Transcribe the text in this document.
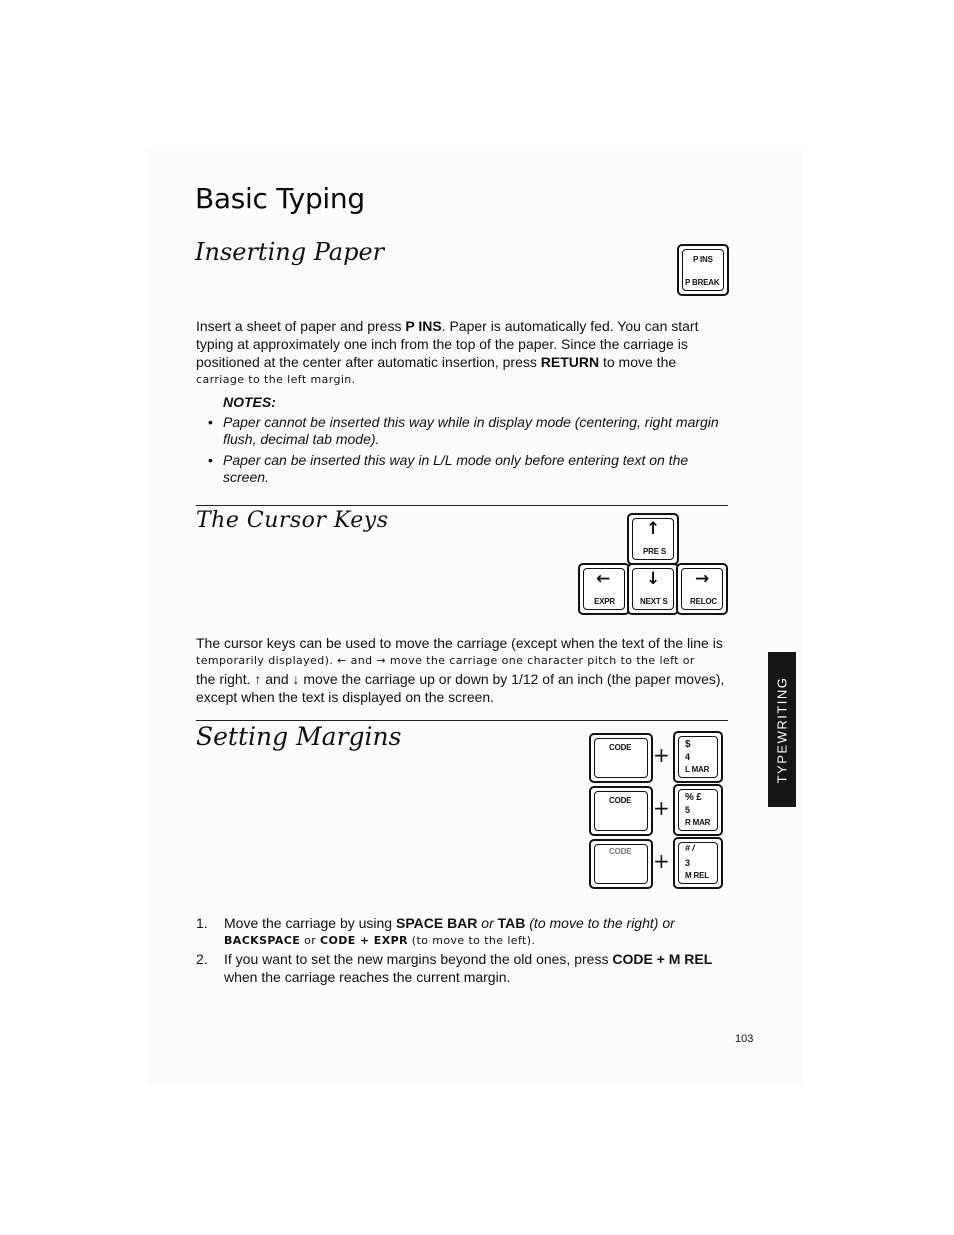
Basic Typing
Inserting Paper	P INS
P BREAK
Insert a sheet of paper and press P INS. Paper is automatically fed. You can start
typing at approximately one inch from the top of the paper. Since the carriage is
positioned at the center after automatic insertion, press RETURN to move the
carriage to the left margin.
NOTES:
• Paper cannot be inserted this way while in display mode (centering, right margin
flush, decimal tab mode).
• Paper can be inserted this way in L/L mode only before entering text on the
screen.
The Cursor Keys	↑
PRE S
←
EXPR
↓
NEXT S
→
RELOC
The cursor keys can be used to move the carriage (except when the text of the line is
temporarily displayed). ← and → move the carriage one character pitch to the left or
the right. ↑ and ↓ move the carriage up or down by 1/12 of an inch (the paper moves),
except when the text is displayed on the screen.
Setting Margins	CODE + $
4
L MAR
CODE + % £
5
R MAR
CODE +
# /
3
M REL
1. Move the carriage by using SPACE BAR or TAB (to move to the right) or
BACKSPACE or CODE + EXPR (to move to the left).
2. If you want to set the new margins beyond the old ones, press CODE + M REL
when the carriage reaches the current margin.
TYPEWRITING
103
